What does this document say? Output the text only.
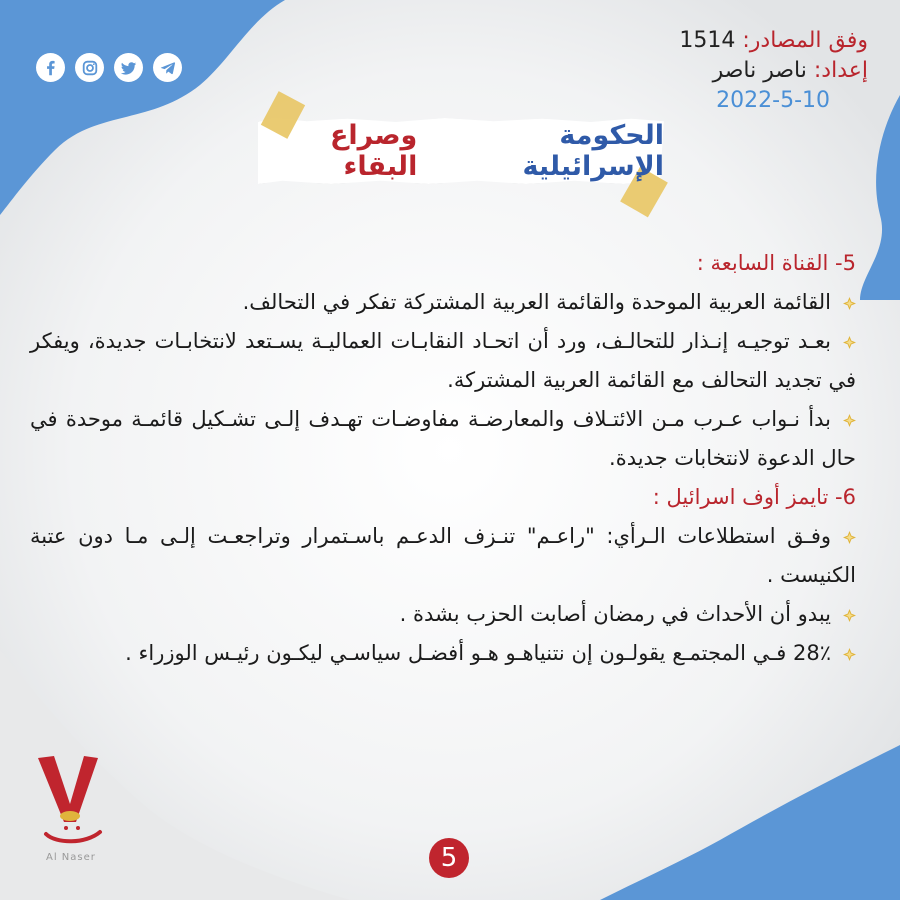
وفق المصادر: 1514
إعداد: ناصر ناصر
2022-5-10
الحكومة الإسرائيلية
وصراع البقاء

5- القناة السابعة :

القائمة العربية الموحدة والقائمة العربية المشتركة تفكر في التحالف.

بعـد توجيـه إنـذار للتحالـف، ورد أن اتحـاد النقابـات العماليـة يسـتعد لانتخابـات جديدة، ويفكر في تجديد التحالف مع القائمة العربية المشتركة.

بدأ نـواب عـرب مـن الائتـلاف والمعارضـة مفاوضـات تهـدف إلـى تشـكيل قائمـة موحدة في حال الدعوة لانتخابات جديدة.

6- تايمز أوف اسرائيل :

وفـق استطلاعات الـرأي: "راعـم" تنـزف الدعـم باسـتمرار وتراجعـت إلـى مـا دون عتبة الكنيست .

يبدو أن الأحداث في رمضان أصابت الحزب بشدة .

28٪ فـي المجتمـع يقولـون إن نتنياهـو هـو أفضـل سياسـي ليكـون رئيـس الوزراء .

Al Naser	5
